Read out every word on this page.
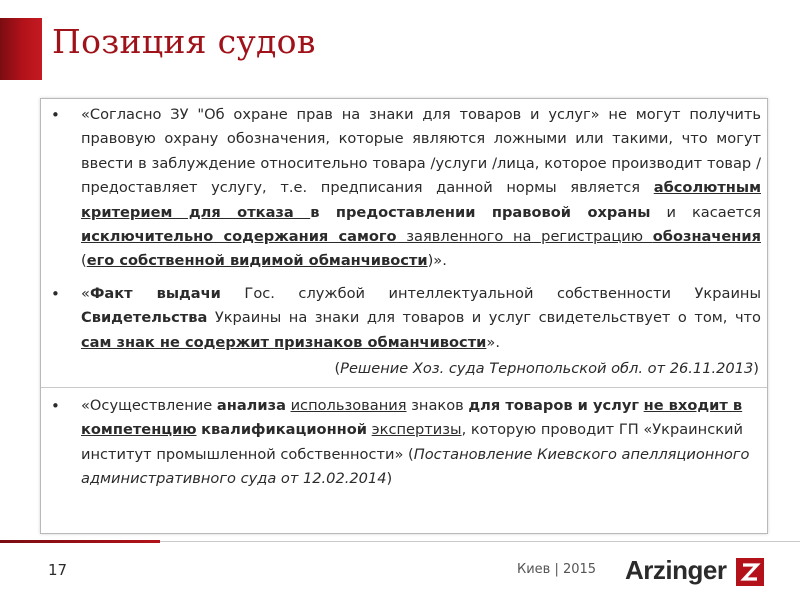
Позиция судов
• «Согласно ЗУ "Об охране прав на знаки для товаров и услуг» не могут получить правовую охрану обозначения, которые являются ложными или такими, что могут ввести в заблуждение относительно товара /услуги /лица, которое производит товар / предоставляет услугу, т.е. предписания данной нормы является абсолютным критерием для отказа в предоставлении правовой охраны и касается исключительно содержания самого заявленного на регистрацию обозначения (его собственной видимой обманчивости)».
• «Факт выдачи Гос. службой интеллектуальной собственности Украины Свидетельства Украины на знаки для товаров и услуг свидетельствует о том, что сам знак не содержит признаков обманчивости».
(Решение Хоз. суда Тернопольской обл. от 26.11.2013)
• «Осуществление анализа использования знаков для товаров и услуг не входит в компетенцию квалификационной экспертизы, которую проводит ГП «Украинский институт промышленной собственности» (Постановление Киевского апелляционного административного суда от 12.02.2014)
17	Киев | 2015 Arzinger
